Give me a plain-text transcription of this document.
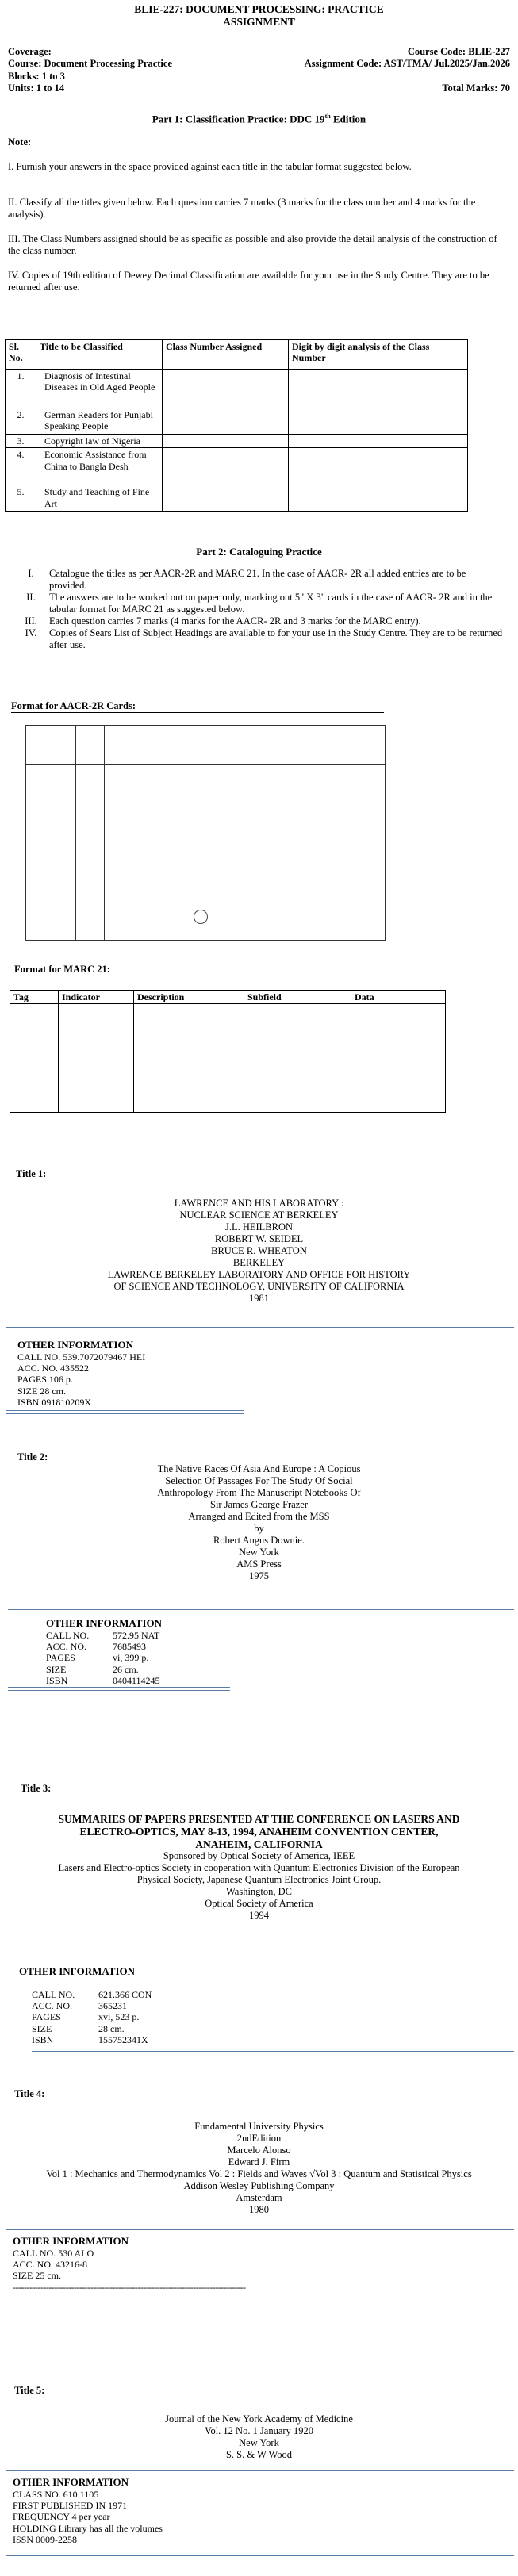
BLIE-227: DOCUMENT PROCESSING: PRACTICE
ASSIGNMENT
Coverage:
Course: Document Processing Practice
Blocks: 1 to 3
Units: 1 to 14
Course Code: BLIE-227
Assignment Code: AST/TMA/ Jul.2025/Jan.2026
Total Marks: 70
Part 1: Classification Practice: DDC 19th Edition
Note:
I. Furnish your answers in the space provided against each title in the tabular format suggested below.
II. Classify all the titles given below. Each question carries 7 marks (3 marks for the class number and 4 marks for the analysis).
III. The Class Numbers assigned should be as specific as possible and also provide the detail analysis of the construction of the class number.
IV. Copies of 19th edition of Dewey Decimal Classification are available for your use in the Study Centre. They are to be returned after use.
Sl. No.	Title to be Classified	Class Number Assigned	Digit by digit analysis of the Class Number
1.	Diagnosis of Intestinal Diseases in Old Aged People		
2.	German Readers for Punjabi Speaking People		
3.	Copyright law of Nigeria		
4.	Economic Assistance from China to Bangla Desh		
5.	Study and Teaching of Fine Art		
Part 2: Cataloguing Practice
I.	Catalogue the titles as per AACR-2R and MARC 21. In the case of AACR- 2R all added entries are to be provided.
II.	The answers are to be worked out on paper only, marking out 5" X 3" cards in the case of AACR- 2R and in the tabular format for MARC 21 as suggested below.
III.	Each question carries 7 marks (4 marks for the AACR- 2R and 3 marks for the MARC entry).
IV.	Copies of Sears List of Subject Headings are available to for your use in the Study Centre. They are to be returned after use.
Format for AACR-2R Cards:
Format for MARC 21:
Tag	Indicator	Description	Subfield	Data

Title 1:
LAWRENCE AND HIS LABORATORY :
NUCLEAR SCIENCE AT BERKELEY
J.L. HEILBRON
ROBERT W. SEIDEL
BRUCE R. WHEATON
BERKELEY
LAWRENCE BERKELEY LABORATORY AND OFFICE FOR HISTORY
OF SCIENCE AND TECHNOLOGY, UNIVERSITY OF CALIFORNIA
1981
OTHER INFORMATION
CALL NO. 539.7072079467 HEI
ACC. NO. 435522
PAGES 106 p.
SIZE 28 cm.
ISBN 091810209X
Title 2:
The Native Races Of Asia And Europe : A Copious
Selection Of Passages For The Study Of Social
Anthropology From The Manuscript Notebooks Of
Sir James George Frazer
Arranged and Edited from the MSS
by
Robert Angus Downie.
New York
AMS Press
1975
OTHER INFORMATION
CALL NO.	572.95 NAT
ACC. NO.	7685493
PAGES	vi, 399 p.
SIZE	26 cm.
ISBN	0404114245
Title 3:
SUMMARIES OF PAPERS PRESENTED AT THE CONFERENCE ON LASERS AND
ELECTRO-OPTICS, MAY 8-13, 1994, ANAHEIM CONVENTION CENTER,
ANAHEIM, CALIFORNIA
Sponsored by Optical Society of America, IEEE
Lasers and Electro-optics Society in cooperation with Quantum Electronics Division of the European
Physical Society, Japanese Quantum Electronics Joint Group.
Washington, DC
Optical Society of America
1994
OTHER INFORMATION
CALL NO.	621.366 CON
ACC. NO.	365231
PAGES	xvi, 523 p.
SIZE	28 cm.
ISBN	155752341X
Title 4:
Fundamental University Physics
2ndEdition
Marcelo Alonso
Edward J. Firm
Vol 1 : Mechanics and Thermodynamics Vol 2 : Fields and Waves √Vol 3 : Quantum and Statistical Physics
Addison Wesley Publishing Company
Amsterdam
1980
OTHER INFORMATION
CALL NO. 530 ALO
ACC. NO. 43216-8
SIZE 25 cm.
------------------------------------------------------------------------------------
Title 5:
Journal of the New York Academy of Medicine
Vol. 12 No. 1 January 1920
New York
S. S. & W Wood
OTHER INFORMATION
CLASS NO. 610.1105
FIRST PUBLISHED IN 1971
FREQUENCY 4 per year
HOLDING Library has all the volumes
ISSN 0009-2258
